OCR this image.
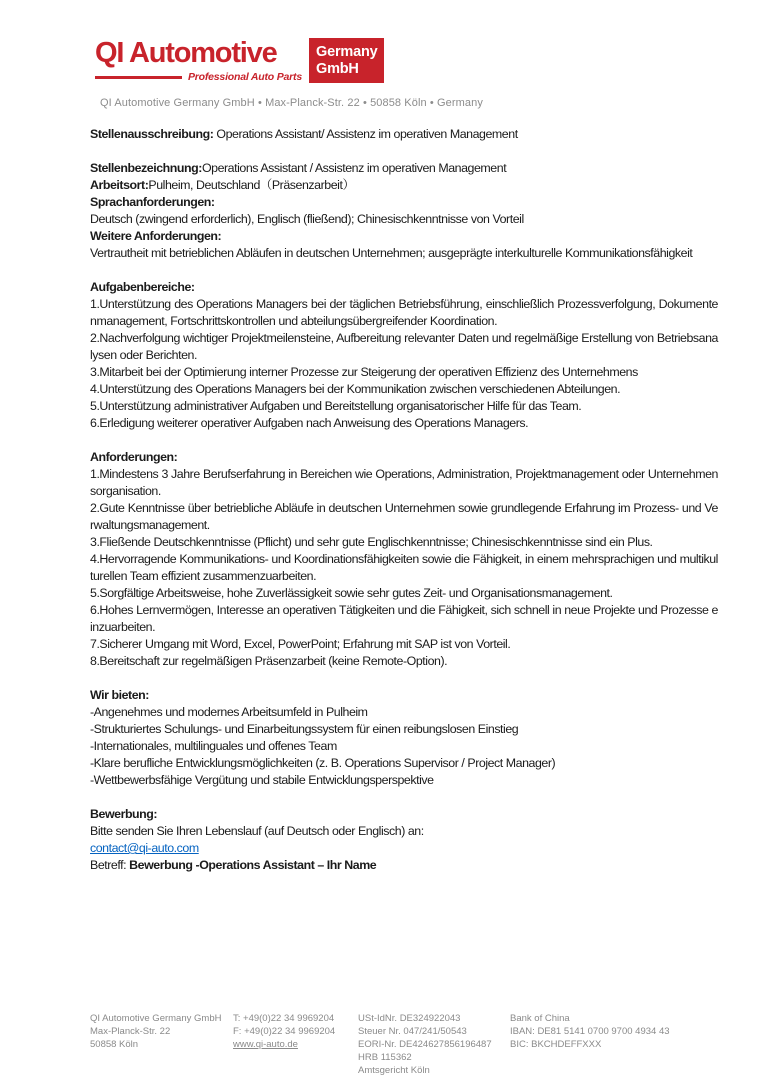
QI Automotive
Professional Auto Parts
Germany
GmbH
QI Automotive Germany GmbH • Max-Planck-Str. 22 • 50858 Köln • Germany

Stellenausschreibung: Operations Assistant/ Assistenz im operativen Management

Stellenbezeichnung:Operations Assistant / Assistenz im operativen Management

Arbeitsort:Pulheim, Deutschland（Präsenzarbeit）

Sprachanforderungen:

Deutsch (zwingend erforderlich), Englisch (fließend); Chinesischkenntnisse von Vorteil

Weitere Anforderungen:

Vertrautheit mit betrieblichen Abläufen in deutschen Unternehmen; ausgeprägte interkulturelle Kommunikationsfähigkeit

Aufgabenbereiche:

1.Unterstützung des Operations Managers bei der täglichen Betriebsführung, einschließlich Prozessverfolgung, Dokumentenmanagement, Fortschrittskontrollen und abteilungsübergreifender Koordination.

2.Nachverfolgung wichtiger Projektmeilensteine, Aufbereitung relevanter Daten und regelmäßige Erstellung von Betriebsanalysen oder Berichten.

3.Mitarbeit bei der Optimierung interner Prozesse zur Steigerung der operativen Effizienz des Unternehmens

4.Unterstützung des Operations Managers bei der Kommunikation zwischen verschiedenen Abteilungen.

5.Unterstützung administrativer Aufgaben und Bereitstellung organisatorischer Hilfe für das Team.

6.Erledigung weiterer operativer Aufgaben nach Anweisung des Operations Managers.

Anforderungen:

1.Mindestens 3 Jahre Berufserfahrung in Bereichen wie Operations, Administration, Projektmanagement oder Unternehmensorganisation.

2.Gute Kenntnisse über betriebliche Abläufe in deutschen Unternehmen sowie grundlegende Erfahrung im Prozess- und Verwaltungsmanagement.

3.Fließende Deutschkenntnisse (Pflicht) und sehr gute Englischkenntnisse; Chinesischkenntnisse sind ein Plus.

4.Hervorragende Kommunikations- und Koordinationsfähigkeiten sowie die Fähigkeit, in einem mehrsprachigen und multikulturellen Team effizient zusammenzuarbeiten.

5.Sorgfältige Arbeitsweise, hohe Zuverlässigkeit sowie sehr gutes Zeit- und Organisationsmanagement.

6.Hohes Lernvermögen, Interesse an operativen Tätigkeiten und die Fähigkeit, sich schnell in neue Projekte und Prozesse einzuarbeiten.

7.Sicherer Umgang mit Word, Excel, PowerPoint; Erfahrung mit SAP ist von Vorteil.

8.Bereitschaft zur regelmäßigen Präsenzarbeit (keine Remote-Option).

Wir bieten:

-Angenehmes und modernes Arbeitsumfeld in Pulheim

-Strukturiertes Schulungs- und Einarbeitungssystem für einen reibungslosen Einstieg

-Internationales, multilinguales und offenes Team

-Klare berufliche Entwicklungsmöglichkeiten (z. B. Operations Supervisor / Project Manager)

-Wettbewerbsfähige Vergütung und stabile Entwicklungsperspektive

Bewerbung:

Bitte senden Sie Ihren Lebenslauf (auf Deutsch oder Englisch) an:

contact@qi-auto.com

Betreff: Bewerbung -Operations Assistant – Ihr Name

QI Automotive Germany GmbH
Max-Planck-Str. 22
50858 Köln
T: +49(0)22 34 9969204
F: +49(0)22 34 9969204
www.qi-auto.de
USt-IdNr. DE324922043
Steuer Nr. 047/241/50543
EORI-Nr. DE424627856196487
HRB 115362
Amtsgericht Köln
Bank of China
IBAN: DE81 5141 0700 9700 4934 43
BIC: BKCHDEFFXXX
